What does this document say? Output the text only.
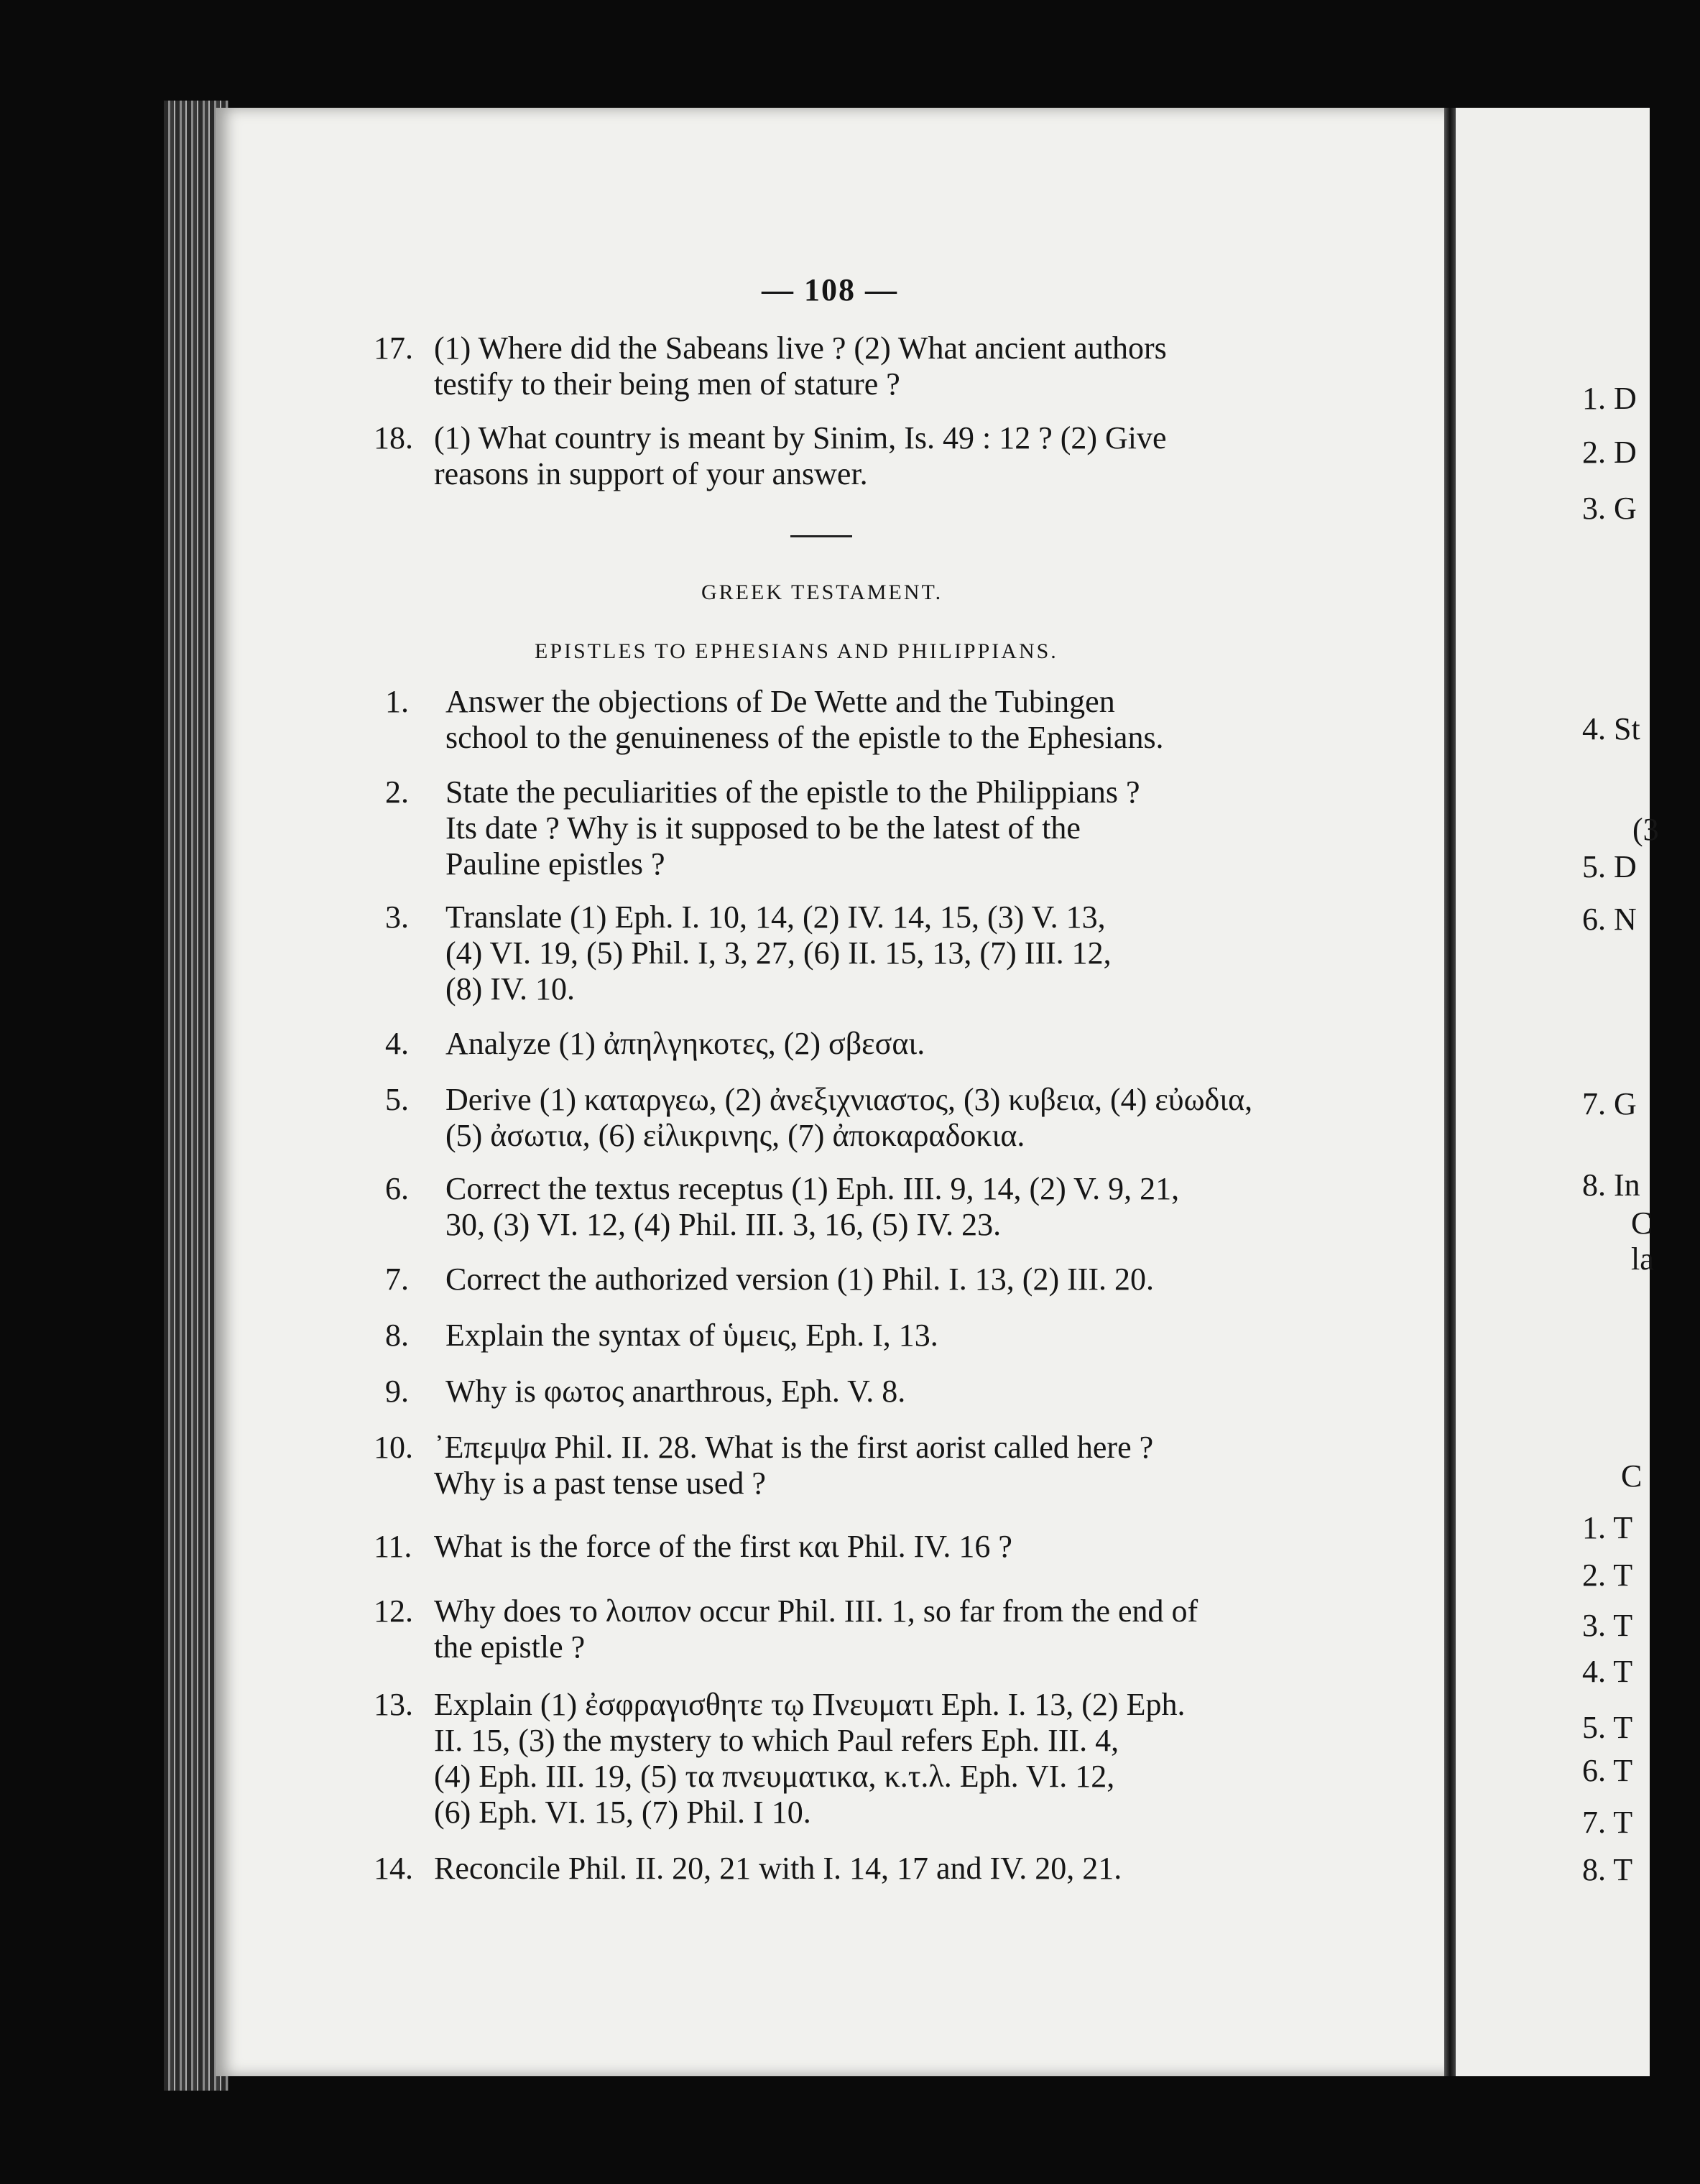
— 108 —
17. (1) Where did the Sabeans live ? (2) What ancient authors
testify to their being men of stature ?
18. (1) What country is meant by Sinim, Is. 49 : 12 ? (2) Give
reasons in support of your answer.
GREEK TESTAMENT.
EPISTLES TO EPHESIANS AND PHILIPPIANS.
1.	Answer the objections of De Wette and the Tubingen
school to the genuineness of the epistle to the Ephesians.
2.	State the peculiarities of the epistle to the Philippians ?
Its date ? Why is it supposed to be the latest of the
Pauline epistles ?
3.	Translate (1) Eph. I. 10, 14, (2) IV. 14, 15, (3) V. 13,
(4) VI. 19, (5) Phil. I, 3, 27, (6) II. 15, 13, (7) III. 12,
(8) IV. 10.
4.	Analyze (1) ἀπηλγηκοτες, (2) σβεσαι.
5.	Derive (1) καταργεω, (2) ἀνεξιχνιαστος, (3) κυβεια, (4) εὐωδια,
(5) ἀσωτια, (6) εἰλικρινης, (7) ἀποκαραδοκια.
6.	Correct the textus receptus (1) Eph. III. 9, 14, (2) V. 9, 21,
30, (3) VI. 12, (4) Phil. III. 3, 16, (5) IV. 23.
7.	Correct the authorized version (1) Phil. I. 13, (2) III. 20.
8.	Explain the syntax of ὑμεις, Eph. I, 13.
9.	Why is φωτος anarthrous, Eph. V. 8.
10. ᾿Επεμψα Phil. II. 28. What is the first aorist called here ?
Why is a past tense used ?
11. What is the force of the first και Phil. IV. 16 ?
12. Why does το λοιπον occur Phil. III. 1, so far from the end of
the epistle ?
13. Explain (1) ἐσφραγισθητε τῳ Πνευματι Eph. I. 13, (2) Eph.
II. 15, (3) the mystery to which Paul refers Eph. III. 4,
(4) Eph. III. 19, (5) τα πνευματικα, κ.τ.λ. Eph. VI. 12,
(6) Eph. VI. 15, (7) Phil. I 10.
14. Reconcile Phil. II. 20, 21 with I. 14, 17 and IV. 20, 21.
1. D
2. D
3. G
4. St
(3
5. D
6. N
7. G
8. In
C
la
C
1. T
2. T
3. T
4. T
5. T
6. T
7. T
8. T
